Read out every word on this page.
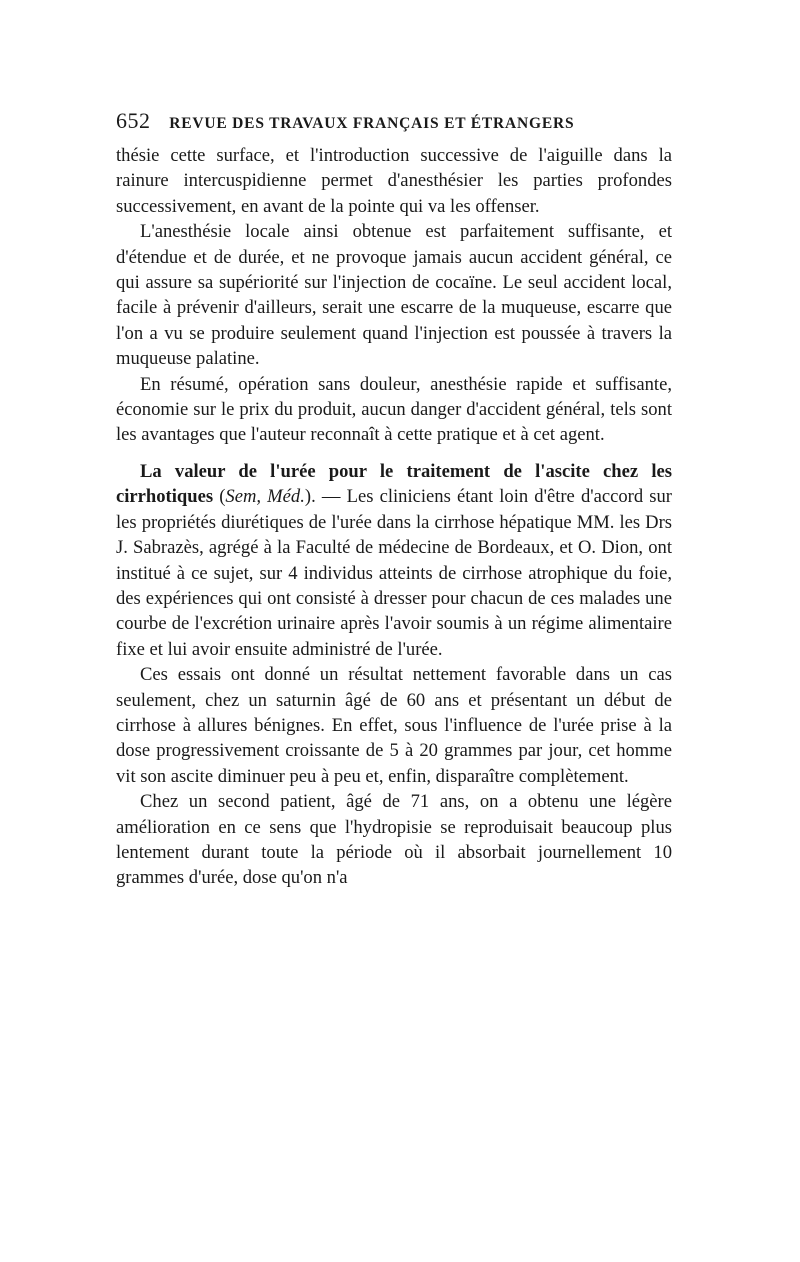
652 REVUE DES TRAVAUX FRANÇAIS ET ÉTRANGERS

thésie cette surface, et l'introduction successive de l'aiguille dans la rainure intercuspidienne permet d'anesthésier les parties profondes successivement, en avant de la pointe qui va les offenser.

L'anesthésie locale ainsi obtenue est parfaitement suffisante, et d'étendue et de durée, et ne provoque jamais aucun accident général, ce qui assure sa supériorité sur l'injection de cocaïne. Le seul accident local, facile à prévenir d'ailleurs, serait une escarre de la muqueuse, escarre que l'on a vu se produire seulement quand l'injection est poussée à travers la muqueuse palatine.

En résumé, opération sans douleur, anesthésie rapide et suffisante, économie sur le prix du produit, aucun danger d'accident général, tels sont les avantages que l'auteur reconnaît à cette pratique et à cet agent.

La valeur de l'urée pour le traitement de l'ascite chez les cirrhotiques (Sem, Méd.). — Les cliniciens étant loin d'être d'accord sur les propriétés diurétiques de l'urée dans la cirrhose hépatique MM. les Drs J. Sabrazès, agrégé à la Faculté de médecine de Bordeaux, et O. Dion, ont institué à ce sujet, sur 4 individus atteints de cirrhose atrophique du foie, des expériences qui ont consisté à dresser pour chacun de ces malades une courbe de l'excrétion urinaire après l'avoir soumis à un régime alimentaire fixe et lui avoir ensuite administré de l'urée.

Ces essais ont donné un résultat nettement favorable dans un cas seulement, chez un saturnin âgé de 60 ans et présentant un début de cirrhose à allures bénignes. En effet, sous l'influence de l'urée prise à la dose progressivement croissante de 5 à 20 grammes par jour, cet homme vit son ascite diminuer peu à peu et, enfin, disparaître complètement.

Chez un second patient, âgé de 71 ans, on a obtenu une légère amélioration en ce sens que l'hydropisie se reproduisait beaucoup plus lentement durant toute la période où il absorbait journellement 10 grammes d'urée, dose qu'on n'a
